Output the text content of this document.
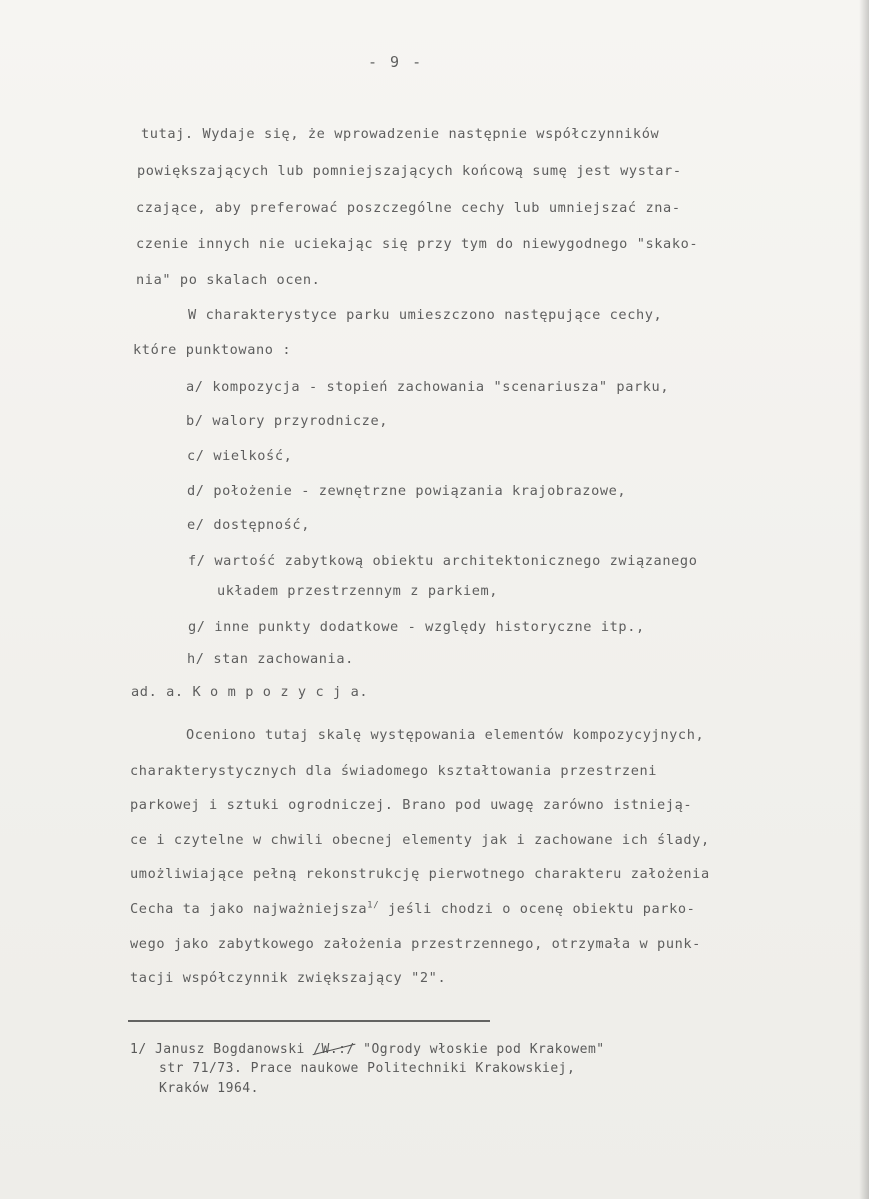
- 9 -
tutaj. Wydaje się, że wprowadzenie następnie współczynników
powiększających lub pomniejszających końcową sumę jest wystar-
czające, aby preferować poszczególne cechy lub umniejszać zna-
czenie innych nie uciekając się przy tym do niewygodnego "skako-
nia" po skalach ocen.
W charakterystyce parku umieszczono następujące cechy,
które punktowano :
a/ kompozycja - stopień zachowania "scenariusza" parku,
b/ walory przyrodnicze,
c/ wielkość,
d/ położenie - zewnętrzne powiązania krajobrazowe,
e/ dostępność,
f/ wartość zabytkową obiektu architektonicznego związanego
układem przestrzennym z parkiem,
g/ inne punkty dodatkowe - względy historyczne itp.,
h/ stan zachowania.
ad. a. K o m p o z y c j a.
Oceniono tutaj skalę występowania elementów kompozycyjnych,
charakterystycznych dla świadomego kształtowania przestrzeni
parkowej i sztuki ogrodniczej. Brano pod uwagę zarówno istnieją-
ce i czytelne w chwili obecnej elementy jak i zachowane ich ślady,
umożliwiające pełną rekonstrukcję pierwotnego charakteru założenia
Cecha ta jako najważniejsza$^{1/}$ jeśli chodzi o ocenę obiektu parko-
wego jako zabytkowego założenia przestrzennego, otrzymała w punk-
tacji współczynnik zwiększający "2".
1/ Janusz Bogdanowski /W.:/ "Ogrody włoskie pod Krakowem"
str 71/73. Prace naukowe Politechniki Krakowskiej,
Kraków 1964.
